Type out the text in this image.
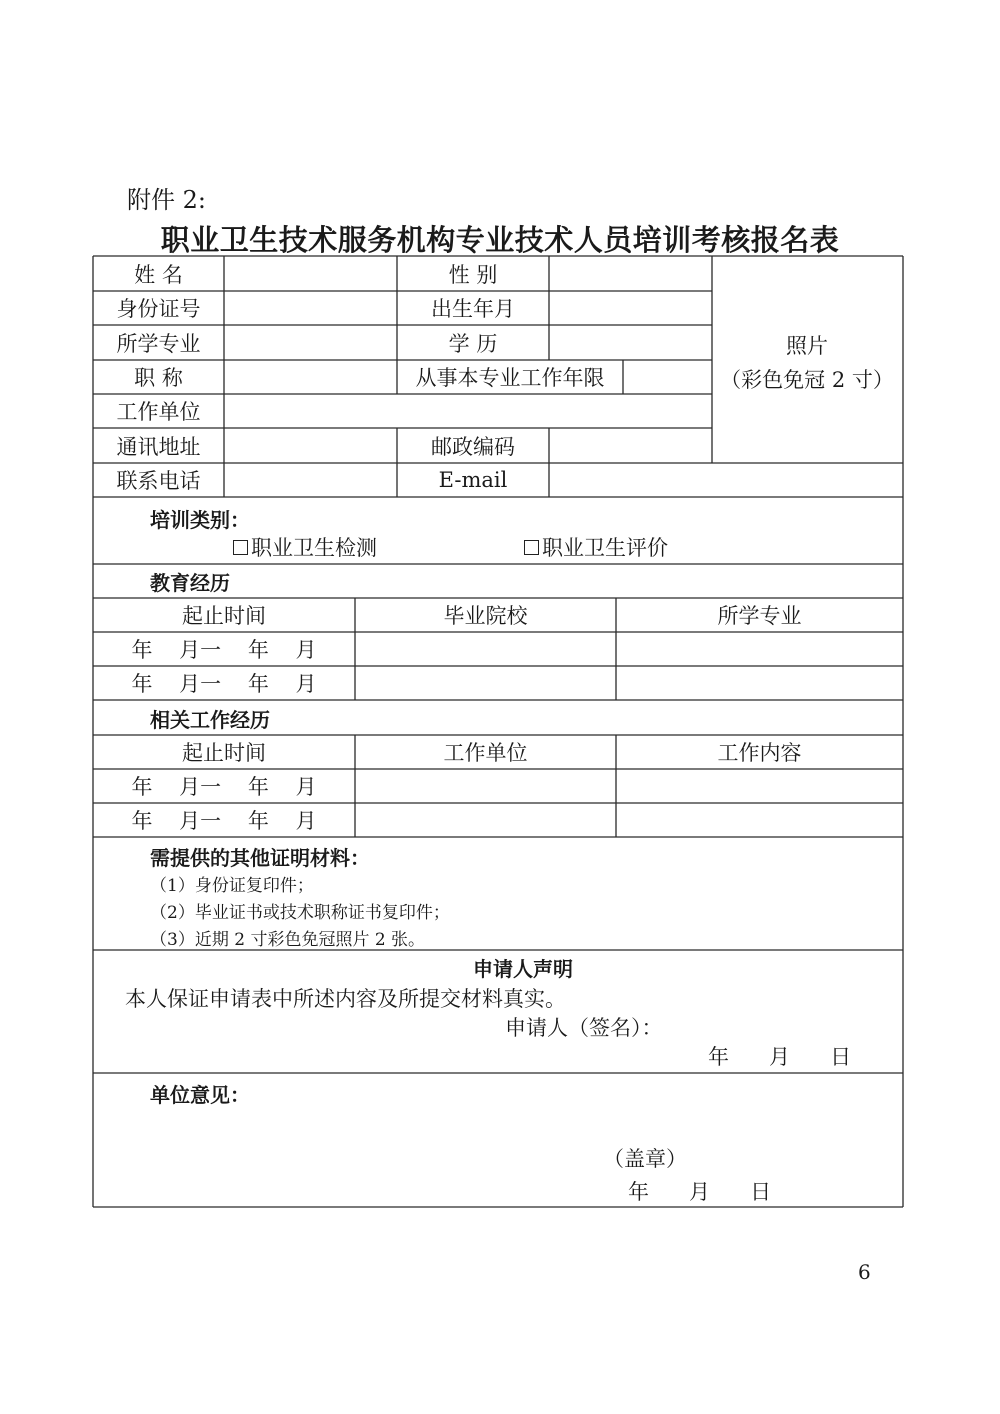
附件 2:
职业卫生技术服务机构专业技术人员培训考核报名表
姓 名	性 别
身份证号	出生年月
所学专业	学 历
职 称	从事本专业工作年限
工作单位
通讯地址	邮政编码
联系电话	E-mail
照片
（彩色免冠 2 寸）
培训类别：
职业卫生检测	职业卫生评价
教育经历
起止时间	毕业院校	所学专业
年    月一    年    月
年    月一    年    月
相关工作经历
起止时间	工作单位	工作内容
年    月一    年    月
年    月一    年    月
需提供的其他证明材料：
（1）身份证复印件；
（2）毕业证书或技术职称证书复印件；
（3）近期 2 寸彩色免冠照片 2 张。
申请人声明
本人保证申请表中所述内容及所提交材料真实。
申请人（签名）：
年      月      日
单位意见：
（盖章）
年      月      日
6
